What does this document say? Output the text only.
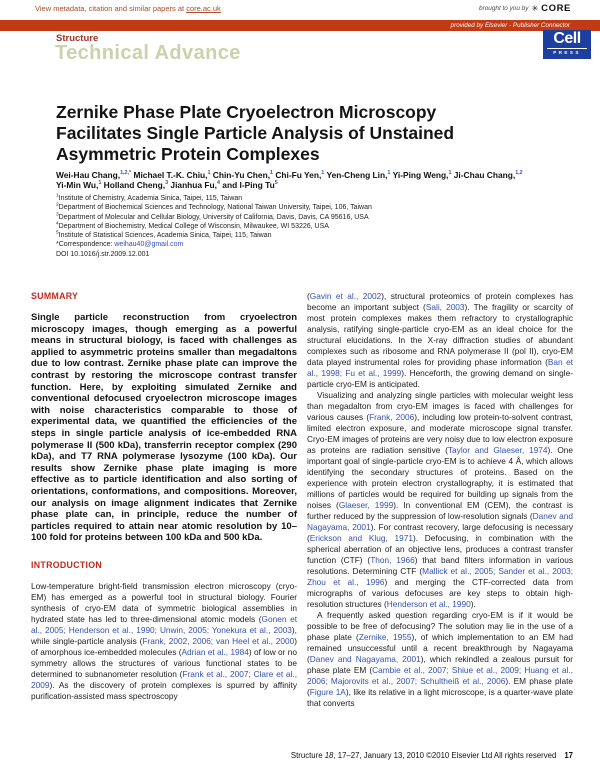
View metadata, citation and similar papers at core.ac.uk	brought to you by ✳ CORE
provided by Elsevier - Publisher Connector
Structure
Technical Advance
Cell
PRESS
Zernike Phase Plate Cryoelectron Microscopy
Facilitates Single Particle Analysis of Unstained
Asymmetric Protein Complexes
Wei-Hau Chang,$^{1,2,*}$ Michael T.-K. Chiu,$^1$ Chin-Yu Chen,$^1$ Chi-Fu Yen,$^1$ Yen-Cheng Lin,$^1$ Yi-Ping Weng,$^1$ Ji-Chau Chang,$^{1,2}$
Yi-Min Wu,$^1$ Holland Cheng,$^3$ Jianhua Fu,$^4$ and I-Ping Tu$^5$
$^1$Institute of Chemistry, Academia Sinica, Taipei, 115, Taiwan
$^2$Department of Biochemical Sciences and Technology, National Taiwan University, Taipei, 106, Taiwan
$^3$Department of Molecular and Cellular Biology, University of California, Davis, Davis, CA 95616, USA
$^4$Department of Biochemistry, Medical College of Wisconsin, Milwaukee, WI 53226, USA
$^5$Institute of Statistical Sciences, Academia Sinica, Taipei, 115, Taiwan
*Correspondence: weihau40@gmail.com
DOI 10.1016/j.str.2009.12.001
SUMMARY

Single particle reconstruction from cryoelectron microscopy images, though emerging as a powerful means in structural biology, is faced with challenges as applied to asymmetric proteins smaller than megadaltons due to low contrast. Zernike phase plate can improve the contrast by restoring the microscope contrast transfer function. Here, by exploiting simulated Zernike and conventional defocused cryoelectron microscope images with noise characteristics comparable to those of experimental data, we quantified the efficiencies of the steps in single particle analysis of ice-embedded RNA polymerase II (500 kDa), transferrin receptor complex (290 kDa), and T7 RNA polymerase lysozyme (100 kDa). Our results show Zernike phase plate imaging is more effective as to particle identification and also sorting of orientations, conformations, and compositions. Moreover, our analysis on image alignment indicates that Zernike phase plate can, in principle, reduce the number of particles required to attain near atomic resolution by 10–100 fold for proteins between 100 kDa and 500 kDa.

INTRODUCTION

Low-temperature bright-field transmission electron microscopy (cryo-EM) has emerged as a powerful tool in structural biology. Fourier synthesis of cryo-EM data of symmetric biological assemblies in hydrated state has led to three-dimensional atomic models (Gonen et al., 2005; Henderson et al., 1990; Unwin, 2005; Yonekura et al., 2003), while single-particle analysis (Frank, 2002, 2006; van Heel et al., 2000) of amorphous ice-embedded molecules (Adrian et al., 1984) of low or no symmetry allows the structures of various functional states to be determined to subnanometer resolution (Frank et al., 2007; Clare et al., 2009). As the discovery of protein complexes is spurred by affinity purification-assisted mass spectroscopy

(Gavin et al., 2002), structural proteomics of protein complexes has become an important subject (Sali, 2003). The fragility or scarcity of most protein complexes makes them refractory to crystallographic analysis, ratifying single-particle cryo-EM as an ideal choice for the structural elucidations. In the X-ray diffraction studies of abundant complexes such as ribosome and RNA polymerase II (pol II), cryo-EM data played instrumental roles for providing phase information (Ban et al., 1998; Fu et al., 1999). Henceforth, the growing demand on single-particle cryo-EM is anticipated.

Visualizing and analyzing single particles with molecular weight less than megadalton from cryo-EM images is faced with challenges for various causes (Frank, 2006), including low protein-to-solvent contrast, limited electron exposure, and moderate microscope signal transfer. Cryo-EM images of proteins are very noisy due to low electron exposure as proteins are radiation sensitive (Taylor and Glaeser, 1974). One important goal of single-particle cryo-EM is to achieve 4 Å, which allows identifying the secondary structures of proteins. Based on the experience with protein electron crystallography, it is estimated that millions of particles would be required for building up signals from the noises (Glaeser, 1999). In conventional EM (CEM), the contrast is further reduced by the suppression of low-resolution signals (Danev and Nagayama, 2001). For contrast recovery, large defocusing is necessary (Erickson and Klug, 1971). Defocusing, in combination with the spherical aberration of an objective lens, produces a contrast transfer function (CTF) (Thon, 1966) that band filters information in various resolutions. Determining CTF (Mallick et al., 2005; Sander et al., 2003; Zhou et al., 1996) and merging the CTF-corrected data from micrographs of various defocuses are key steps to obtain high-resolution structures (Henderson et al., 1990).

A frequently asked question regarding cryo-EM is if it would be possible to be free of defocusing? The solution may lie in the use of a phase plate (Zernike, 1955), of which implementation to an EM had remained unsuccessful until a recent breakthrough by Nagayama (Danev and Nagayama, 2001), which rekindled a zealous pursuit for phase plate EM (Cambie et al., 2007; Shiue et al., 2009; Huang et al., 2006; Majorovits et al., 2007; Schultheiß et al., 2006). EM phase plate (Figure 1A), like its relative in a light microscope, is a quarter-wave plate that converts

Structure 18, 17–27, January 13, 2010 ©2010 Elsevier Ltd All rights reserved 17
